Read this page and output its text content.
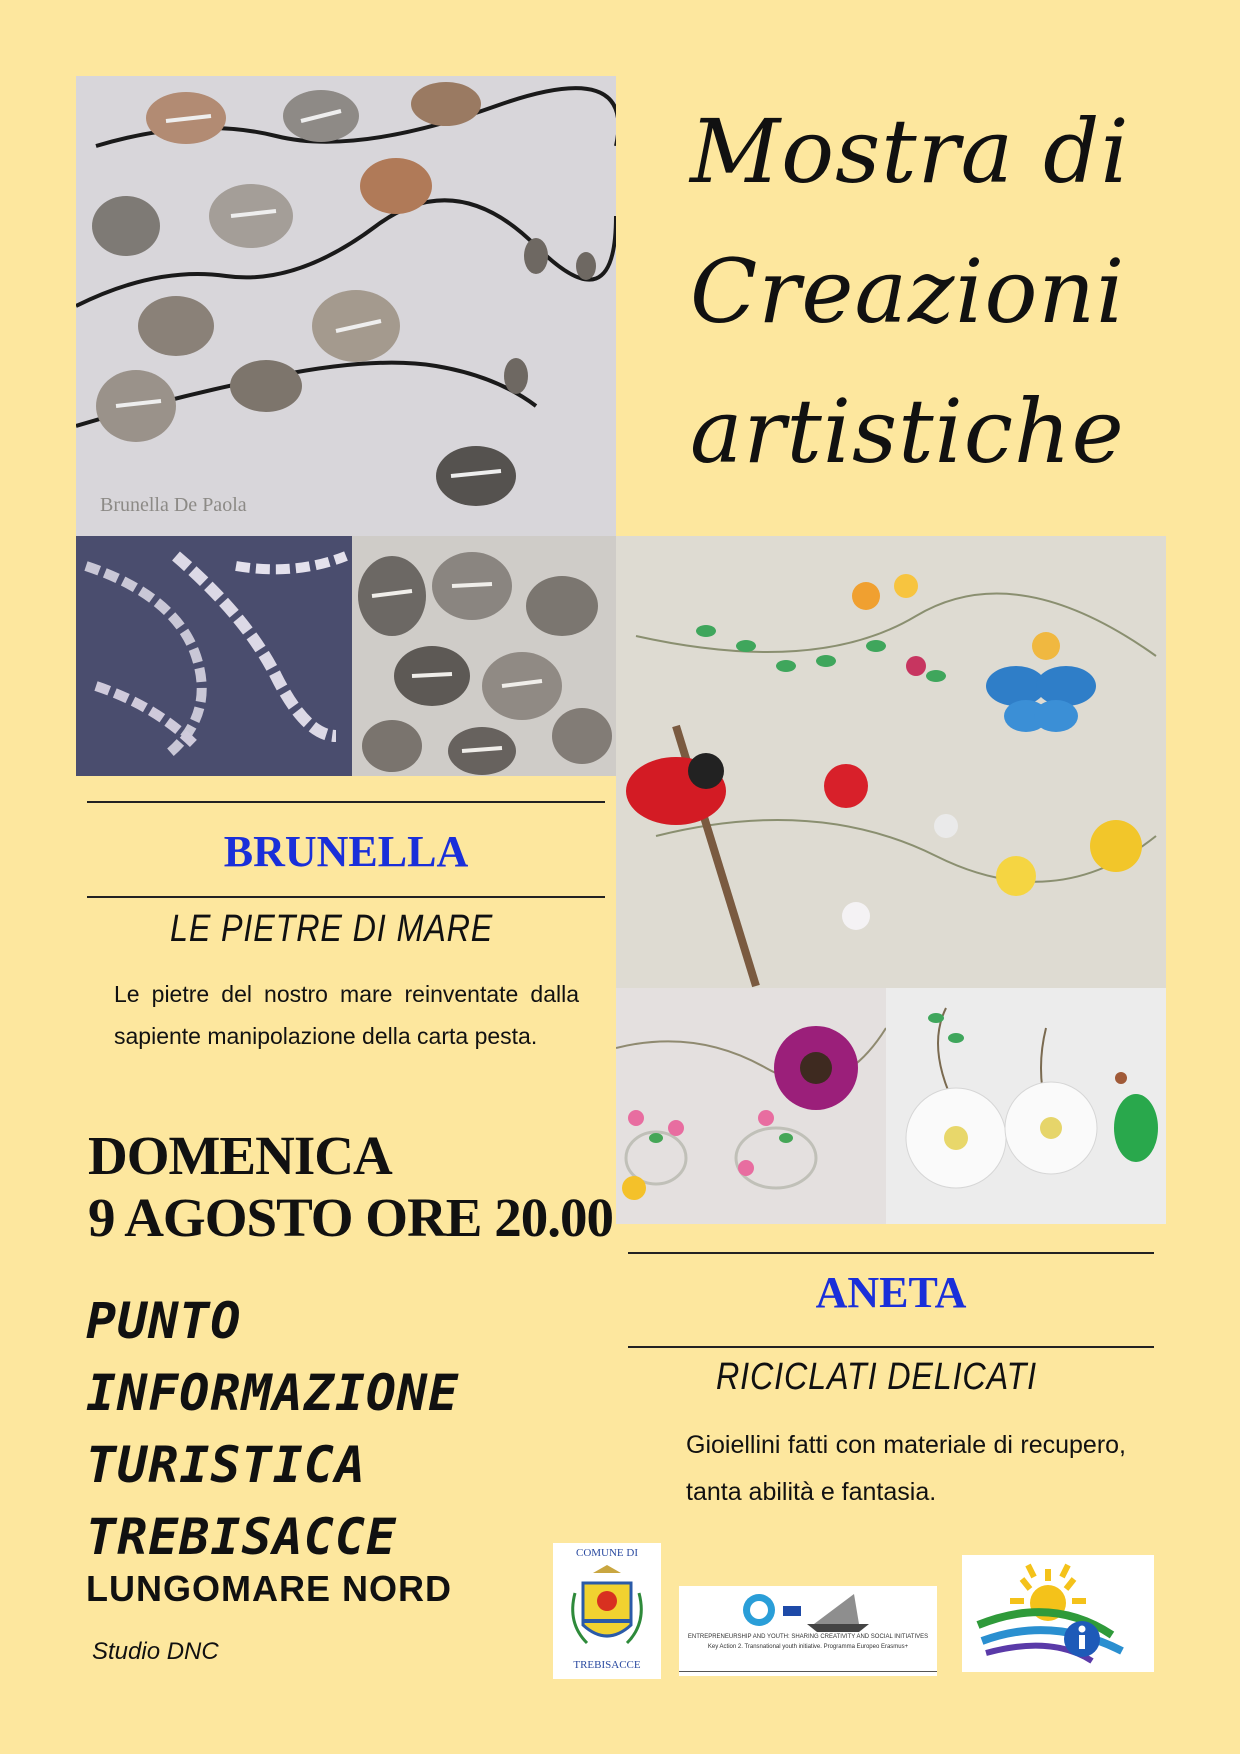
Brunella De Paola
Mostra di
Creazioni
artistiche
BRUNELLA
LE PIETRE DI MARE
Le pietre del nostro mare reinventate dalla sapiente manipolazione della carta pesta.
DOMENICA
9 AGOSTO ORE 20.00
PUNTO
INFORMAZIONE
TURISTICA
TREBISACCE
LUNGOMARE NORD
Studio DNC
ANETA
RICICLATI DELICATI
Gioiellini fatti con materiale di recupero, tanta abilità e fantasia.
COMUNE DI
TREBISACCE
ENTREPRENEURSHIP AND YOUTH: SHARING CREATIVITY AND SOCIAL INITIATIVES
Key Action 2. Transnational youth initiative. Programma Europeo Erasmus+
